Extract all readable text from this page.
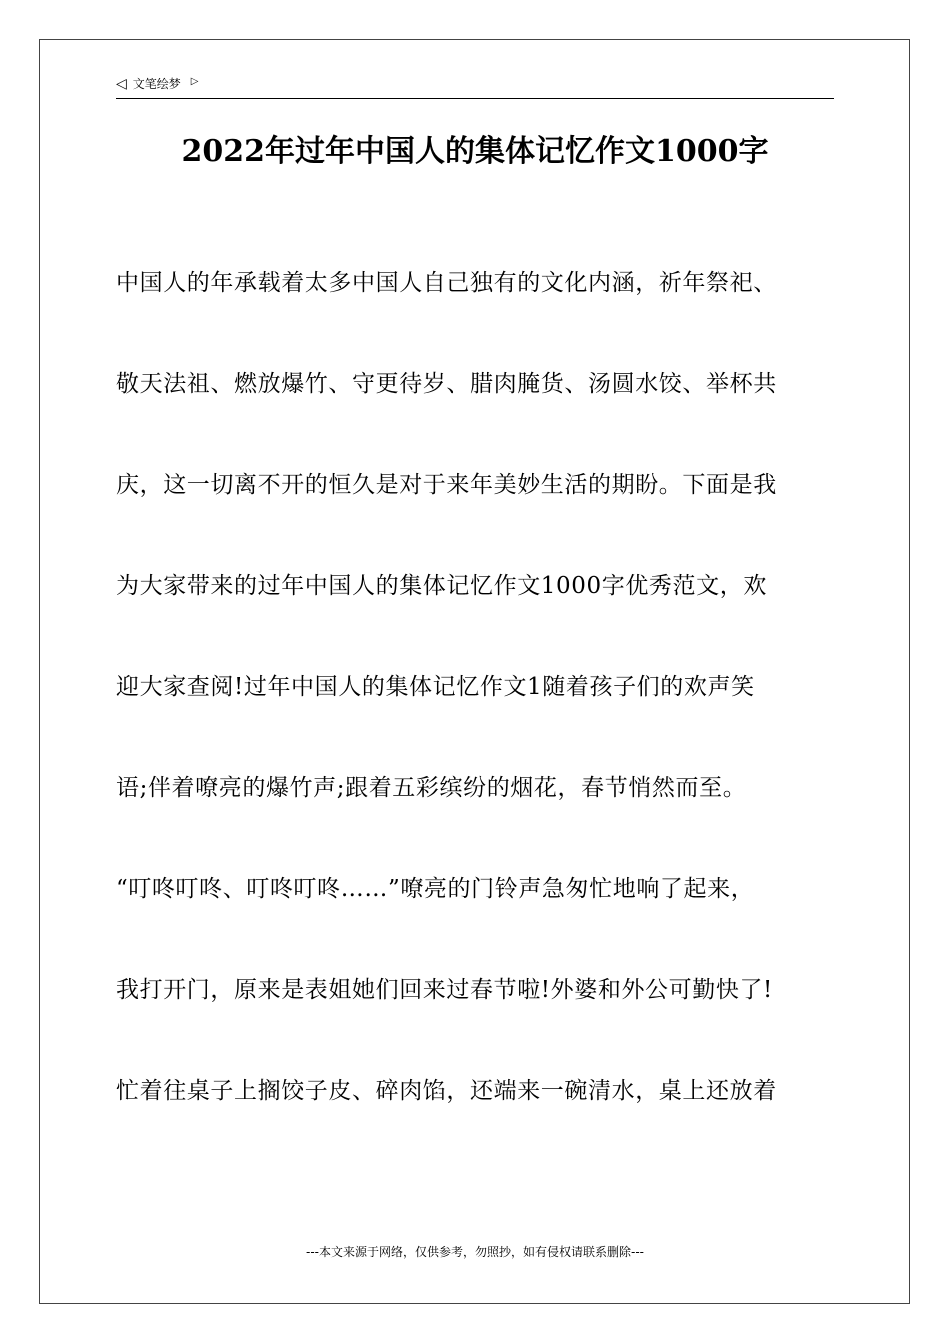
◁ 文笔绘梦 ▷
2022年过年中国人的集体记忆作文1000字
中国人的年承载着太多中国人自己独有的文化内涵，祈年祭祀、
敬天法祖、燃放爆竹、守更待岁、腊肉腌货、汤圆水饺、举杯共
庆，这一切离不开的恒久是对于来年美妙生活的期盼。下面是我
为大家带来的过年中国人的集体记忆作文1000字优秀范文，欢
迎大家查阅!过年中国人的集体记忆作文1随着孩子们的欢声笑
语;伴着嘹亮的爆竹声;跟着五彩缤纷的烟花，春节悄然而至。
“叮咚叮咚、叮咚叮咚……”嘹亮的门铃声急匆忙地响了起来，
我打开门，原来是表姐她们回来过春节啦!外婆和外公可勤快了!
忙着往桌子上搁饺子皮、碎肉馅，还端来一碗清水，桌上还放着
---本文来源于网络，仅供参考，勿照抄，如有侵权请联系删除---
